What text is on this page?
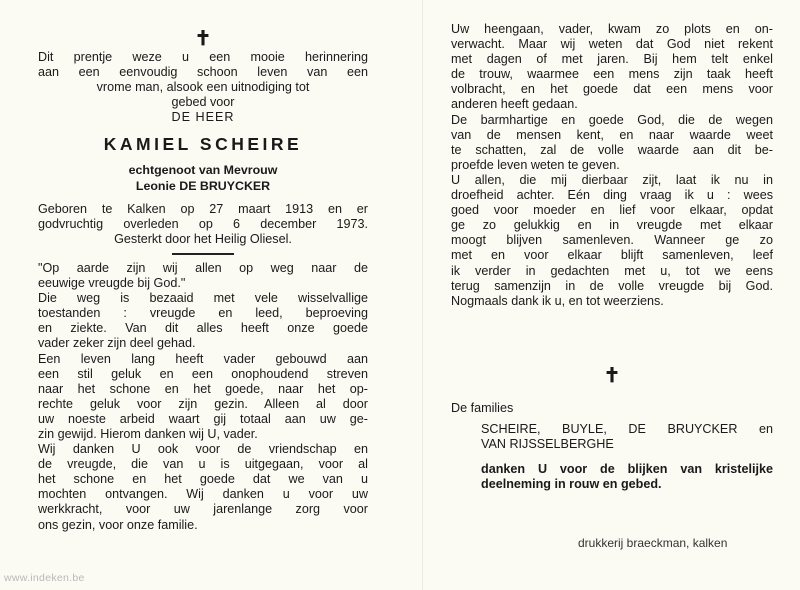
✝
Dit prentje weze u een mooie herinnering
aan een eenvoudig schoon leven van een
vrome man, alsook een uitnodiging tot
gebed voor
DE HEER
KAMIEL SCHEIRE
echtgenoot van Mevrouw
Leonie DE BRUYCKER
Geboren te Kalken op 27 maart 1913 en er
godvruchtig overleden op 6 december 1973.
Gesterkt door het Heilig Oliesel.
"Op aarde zijn wij allen op weg naar de
eeuwige vreugde bij God."
Die weg is bezaaid met vele wisselvallige
toestanden : vreugde en leed, beproeving
en ziekte. Van dit alles heeft onze goede
vader zeker zijn deel gehad.
Een leven lang heeft vader gebouwd aan
een stil geluk en een onophoudend streven
naar het schone en het goede, naar het op-
rechte geluk voor zijn gezin. Alleen al door
uw noeste arbeid waart gij totaal aan uw ge-
zin gewijd. Hierom danken wij U, vader.
Wij danken U ook voor de vriendschap en
de vreugde, die van u is uitgegaan, voor al
het schone en het goede dat we van u
mochten ontvangen. Wij danken u voor uw
werkkracht, voor uw jarenlange zorg voor
ons gezin, voor onze familie.
Uw heengaan, vader, kwam zo plots en on-
verwacht. Maar wij weten dat God niet rekent
met dagen of met jaren. Bij hem telt enkel
de trouw, waarmee een mens zijn taak heeft
volbracht, en het goede dat een mens voor
anderen heeft gedaan.
De barmhartige en goede God, die de wegen
van de mensen kent, en naar waarde weet
te schatten, zal de volle waarde aan dit be-
proefde leven weten te geven.
U allen, die mij dierbaar zijt, laat ik nu in
droefheid achter. Eén ding vraag ik u : wees
goed voor moeder en lief voor elkaar, opdat
ge zo gelukkig en in vreugde met elkaar
moogt blijven samenleven. Wanneer ge zo
met en voor elkaar blijft samenleven, leef
ik verder in gedachten met u, tot we eens
terug samenzijn in de volle vreugde bij God.
Nogmaals dank ik u, en tot weerziens.
✝
De families
SCHEIRE, BUYLE, DE BRUYCKER en
VAN RIJSSELBERGHE
danken U voor de blijken van kristelijke
deelneming in rouw en gebed.
drukkerij braeckman, kalken
www.indeken.be
